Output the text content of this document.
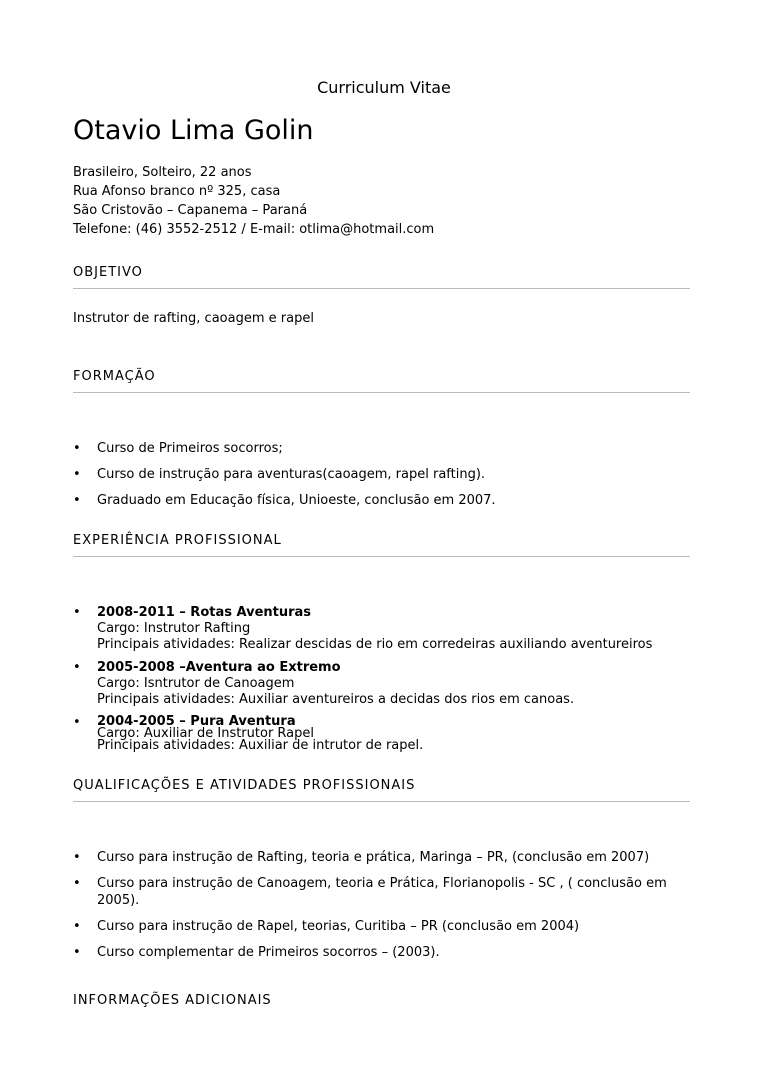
Curriculum Vitae
Otavio Lima Golin
Brasileiro, Solteiro, 22 anos
Rua Afonso branco nº 325, casa
São Cristovão – Capanema – Paraná
Telefone: (46) 3552-2512 / E-mail: otlima@hotmail.com
OBJETIVO
Instrutor de rafting, caoagem e rapel
FORMAÇÃO
• Curso de Primeiros socorros;
• Curso de instrução para aventuras(caoagem, rapel rafting).
• Graduado em Educação física, Unioeste, conclusão em 2007.
EXPERIÊNCIA PROFISSIONAL
• 2008-2011 – Rotas Aventuras
Cargo: Instrutor Rafting
Principais atividades: Realizar descidas de rio em corredeiras auxiliando aventureiros
• 2005-2008 –Aventura ao Extremo
Cargo: Isntrutor de Canoagem
Principais atividades: Auxiliar aventureiros a decidas dos rios em canoas.
• 2004-2005 – Pura Aventura
Cargo: Auxiliar de Instrutor Rapel
Principais atividades: Auxiliar de intrutor de rapel.
QUALIFICAÇÕES E ATIVIDADES PROFISSIONAIS
• Curso para instrução de Rafting, teoria e prática, Maringa – PR, (conclusão em 2007)
• Curso para instrução de Canoagem, teoria e Prática, Florianopolis - SC , ( conclusão em 2005).
• Curso para instrução de Rapel, teorias, Curitiba – PR (conclusão em 2004)
• Curso complementar de Primeiros socorros – (2003).
INFORMAÇÕES ADICIONAIS
